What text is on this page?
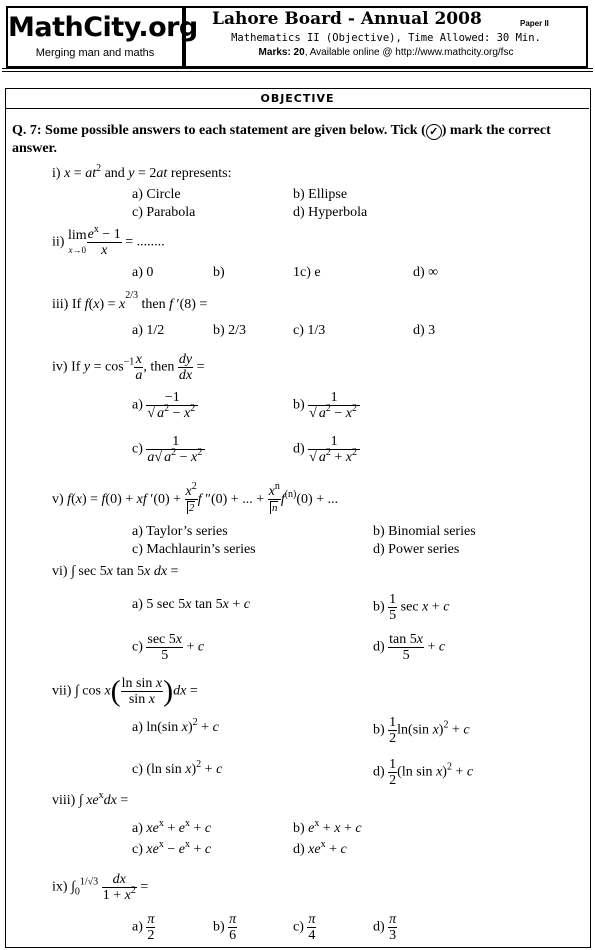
MathCity.org
Merging man and maths
Lahore Board - Annual 2008	Paper II
Mathematics II (Objective), Time Allowed: 30 Min.
Marks: 20, Available online @ http://www.mathcity.org/fsc
OBJECTIVE
Q. 7: Some possible answers to each statement are given below. Tick ( ✓ ) mark the correct answer.
i) $x = at^2$ and y = 2at represents:
a) Circle	b) Ellipse
c) Parabola	d) Hyperbola
ii) lim
$x\to 0 \frac{e^x - 1}{x}$ = ........
a) 0	b)	1c) e	d) ∞
iii) If $f(x) = x^{2/3}$ then f ′(8) =
a) 1/2	b) 2/3	c) 1/3	d) 3
iv) If $y = \cos^{-1} \frac{x}{a}$ , then $\frac{dy}{dx}$ =
$a) \frac{-1}{√ a^2 - x^2}$	$b) \frac{1}{√ a^2 - x^2}$
$c) \frac{1}{a√ a^2 - x^2}$	$d) \frac{1}{√ a^2 + x^2}$
v) f(x) = f(0) + xf $'(0) + \frac{x^2}{2}$ f ″(0) + ... + $\frac{x^n}{n} f^{(n)}(0)$ + ...
a) Taylor’s series	b) Binomial series
c) Machlaurin’s series	d) Power series
vi) ∫ sec 5x tan 5x dx =
a) 5 sec 5x tan 5x + c	$b) \frac{1}{5}$ sec x + c
c)
sec 5x
5
+ c	$d) \frac{\tan 5x}{5} + c$
vii) ∫ $\cos x( \frac{\text{ln sin x}}{\text{sin x}} )dx$ =
a) ln(sin x)$^2$ + c	$b) \frac{1}{2} \ln(\sin$ x)$^2$ + c
c) (ln sin x)$^2$ + c	$d) \frac{1}{2} (\ln$ sin x)$^2$ + c
viii) ∫ $xe^xdx$ =
a) $xe^x + e^x + c$	b) $e^x + x + c$
c) $xe^x - e^x + c$	d) $xe^x + c$
ix) $\int_0^{1/√3} \frac{dx}{1 + x^2}$ =
$a) \frac{\pi}{2}$	$b) \frac{\pi}{6}$	$c) \frac{\pi}{4}$	$d) \frac{\pi}{3}$
